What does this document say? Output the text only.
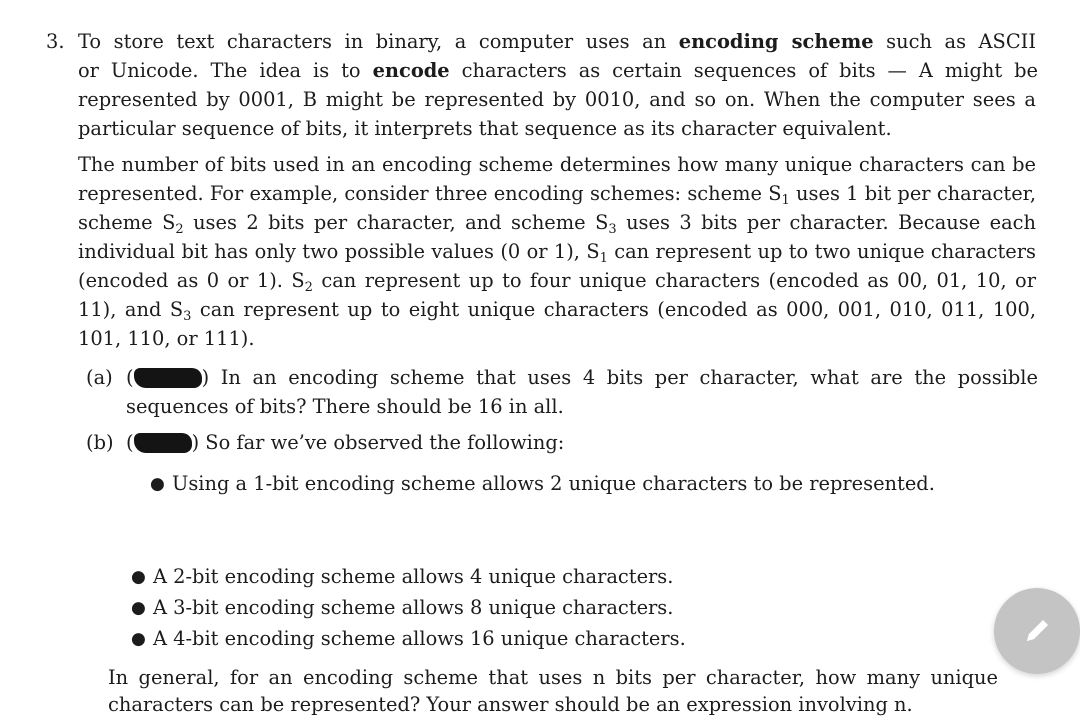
3. To store text characters in binary, a computer uses an encoding scheme such as ASCII
or Unicode. The idea is to encode characters as certain sequences of bits — A might be
represented by 0001, B might be represented by 0010, and so on. When the computer sees a
particular sequence of bits, it interprets that sequence as its character equivalent.
The number of bits used in an encoding scheme determines how many unique characters can be
represented. For example, consider three encoding schemes: scheme $S_1$ uses 1 bit per character,
scheme $S_2$ uses 2 bits per character, and scheme $S_3$ uses 3 bits per character. Because each
individual bit has only two possible values (0 or 1), $S_1$ can represent up to two unique characters
(encoded as 0 or 1). $S_2$ can represent up to four unique characters (encoded as 00, 01, 10, or
11), and $S_3$ can represent up to eight unique characters (encoded as 000, 001, 010, 011, 100,
101, 110, or 111).
(a) (	) In an encoding scheme that uses 4 bits per character, what are the possible
sequences of bits? There should be 16 in all.
(b) (	) So far we’ve observed the following:
● Using a 1-bit encoding scheme allows 2 unique characters to be represented.
● A 2-bit encoding scheme allows 4 unique characters.
● A 3-bit encoding scheme allows 8 unique characters.
● A 4-bit encoding scheme allows 16 unique characters.
In general, for an encoding scheme that uses n bits per character, how many unique
characters can be represented? Your answer should be an expression involving n.
